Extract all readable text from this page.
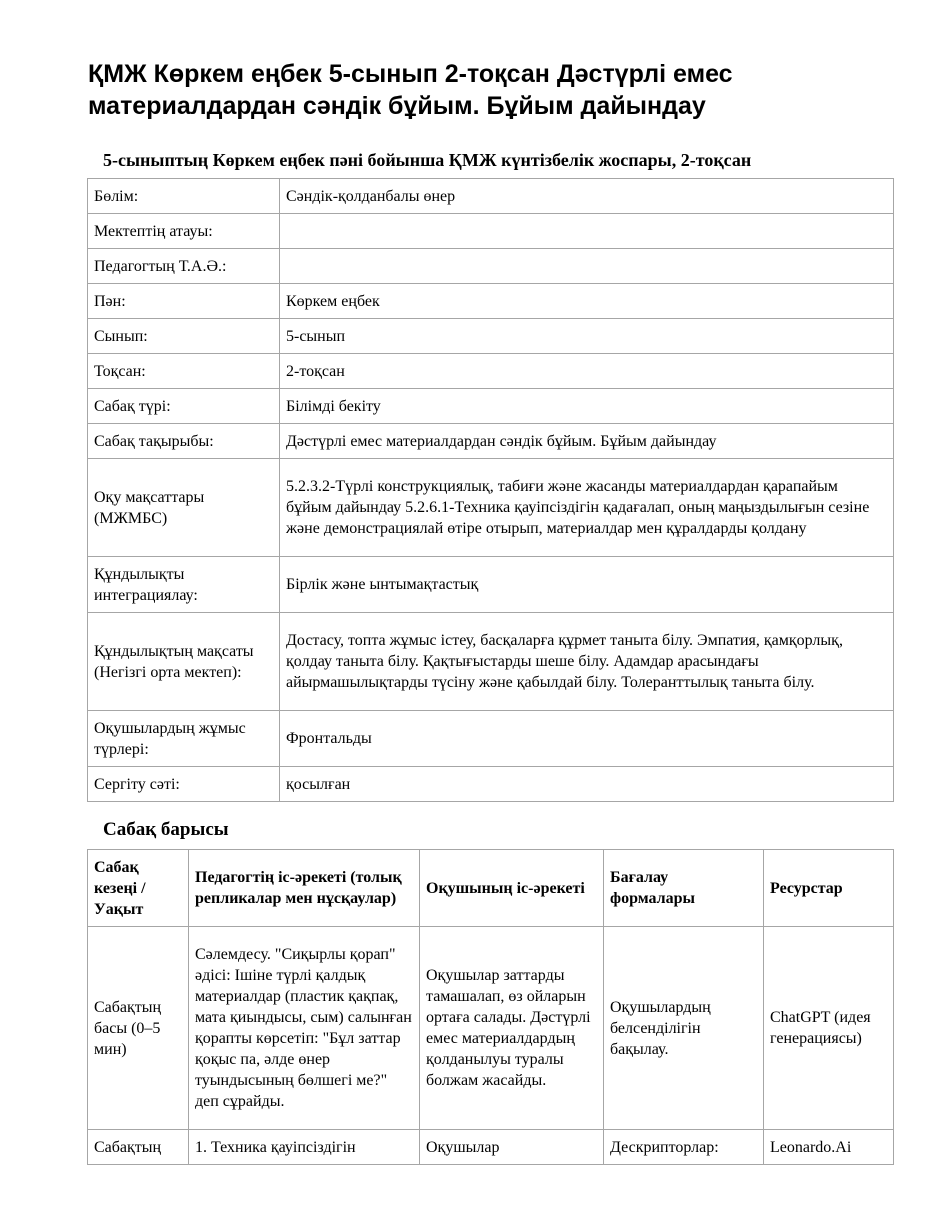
ҚМЖ Көркем еңбек 5-сынып 2-тоқсан Дәстүрлі емес материалдардан сәндік бұйым. Бұйым дайындау

5-сыныптың Көркем еңбек пәні бойынша ҚМЖ күнтізбелік жоспары, 2-тоқсан

Бөлім:	Сәндік-қолданбалы өнер
Мектептің атауы:	
Педагогтың Т.А.Ә.:	
Пән:	Көркем еңбек
Сынып:	5-сынып
Тоқсан:	2-тоқсан
Сабақ түрі:	Білімді бекіту
Сабақ тақырыбы:	Дәстүрлі емес материалдардан сәндік бұйым. Бұйым дайындау
Оқу мақсаттары (МЖМБС)	5.2.3.2-Түрлі конструкциялық, табиғи және жасанды материалдардан қарапайым бұйым дайындау 5.2.6.1-Техника қауіпсіздігін қадағалап, оның маңыздылығын сезіне және демонстрациялай өтіре отырып, материалдар мен құралдарды қолдану
Құндылықты интеграциялау:	Бірлік және ынтымақтастық
Құндылықтың мақсаты (Негізгі орта мектеп):	Достасу, топта жұмыс істеу, басқаларға құрмет таныта білу. Эмпатия, қамқорлық, қолдау таныта білу. Қақтығыстарды шеше білу. Адамдар арасындағы айырмашылықтарды түсіну және қабылдай білу. Толеранттылық таныта білу.
Оқушылардың жұмыс түрлері:	Фронтальды
Сергіту сәті:	қосылған

Сабақ барысы

Сабақ кезеңі / Уақыт	Педагогтің іс-әрекеті (толық репликалар мен нұсқаулар)	Оқушының іс-әрекеті	Бағалау формалары	Ресурстар
Сабақтың басы (0–5 мин)	Сәлемдесу. "Сиқырлы қорап" әдісі: Ішіне түрлі қалдық материалдар (пластик қақпақ, мата қиындысы, сым) салынған қорапты көрсетіп: "Бұл заттар қоқыс па, әлде өнер туындысының бөлшегі ме?" деп сұрайды.	Оқушылар заттарды тамашалап, өз ойларын ортаға салады. Дәстүрлі емес материалдардың қолданылуы туралы болжам жасайды.	Оқушылардың белсенділігін бақылау.	ChatGPT (идея генерациясы)
Сабақтың	1. Техника қауіпсіздігін	Оқушылар	Дескрипторлар:	Leonardo.Ai
